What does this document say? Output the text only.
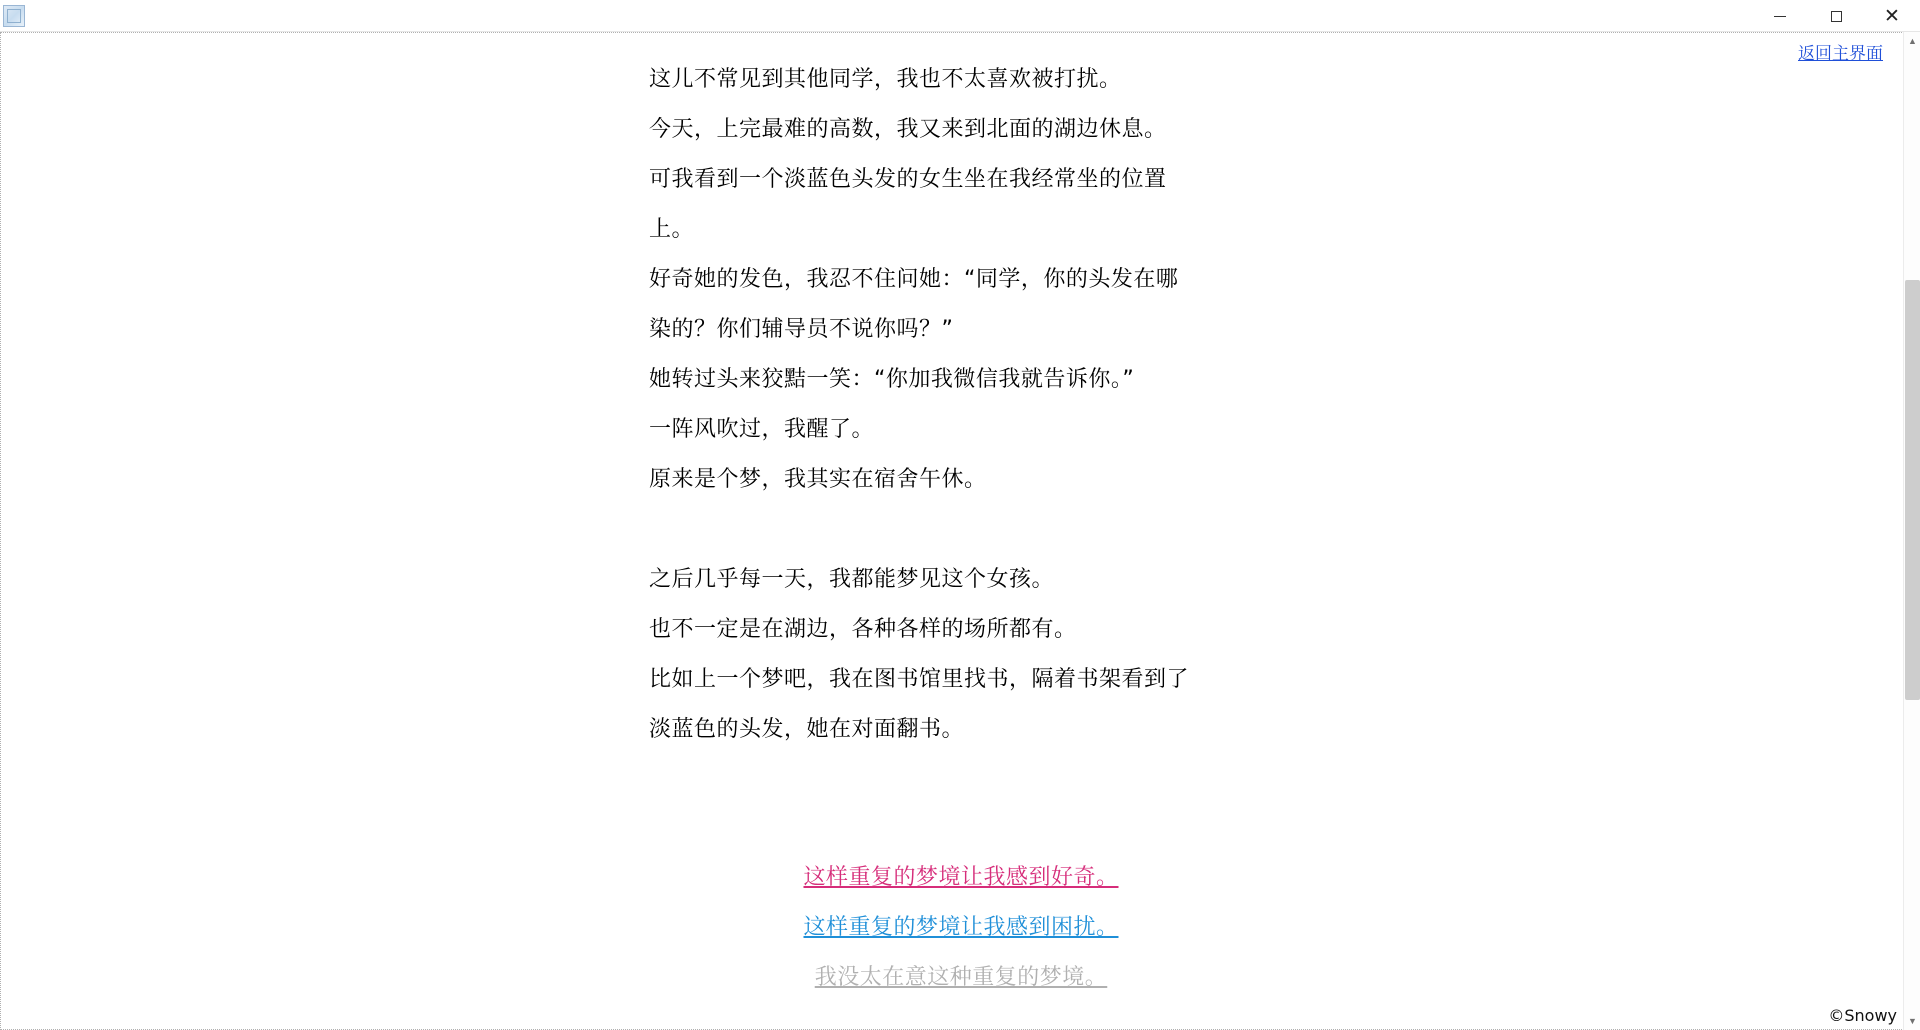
✕
返回主界面

这儿不常见到其他同学，我也不太喜欢被打扰。

今天，上完最难的高数，我又来到北面的湖边休息。

可我看到一个淡蓝色头发的女生坐在我经常坐的位置

上。

好奇她的发色，我忍不住问她：“同学，你的头发在哪

染的？你们辅导员不说你吗？”

她转过头来狡黠一笑：“你加我微信我就告诉你。”

一阵风吹过，我醒了。

原来是个梦，我其实在宿舍午休。

之后几乎每一天，我都能梦见这个女孩。

也不一定是在湖边，各种各样的场所都有。

比如上一个梦吧，我在图书馆里找书，隔着书架看到了

淡蓝色的头发，她在对面翻书。

这样重复的梦境让我感到好奇。
这样重复的梦境让我感到困扰。
我没太在意这种重复的梦境。
©Snowy
▲
▼
